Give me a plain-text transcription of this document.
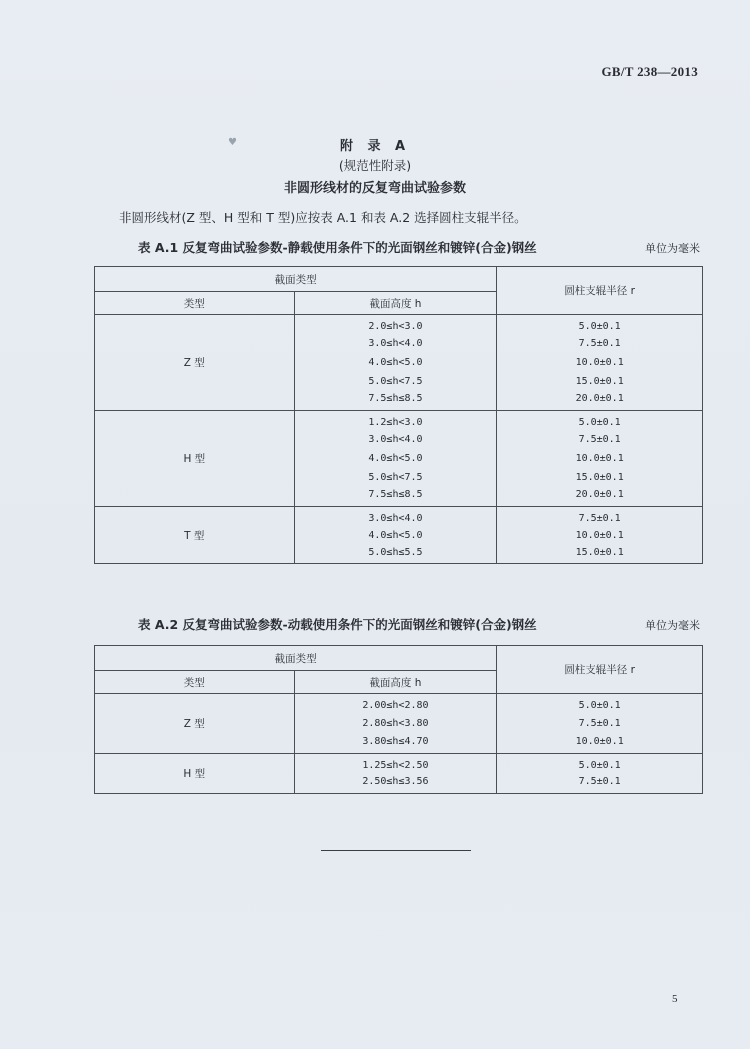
GB/T 238—2013
♥	附 录 A
(规范性附录)
非圆形线材的反复弯曲试验参数
非圆形线材(Z 型、H 型和 T 型)应按表 A.1 和表 A.2 选择圆柱支辊半径。
表 A.1 反复弯曲试验参数-静载使用条件下的光面钢丝和镀锌(合金)钢丝	单位为毫米
截面类型		圆柱支辊半径 r
类型	截面高度 h	
Z 型	2.0≤h<3.0	5.0±0.1
	3.0≤h<4.0	7.5±0.1
	4.0≤h<5.0	10.0±0.1
	5.0≤h<7.5	15.0±0.1
	7.5≤h≤8.5	20.0±0.1
H 型	1.2≤h<3.0	5.0±0.1
	3.0≤h<4.0	7.5±0.1
	4.0≤h<5.0	10.0±0.1
	5.0≤h<7.5	15.0±0.1
	7.5≤h≤8.5	20.0±0.1
T 型	3.0≤h<4.0	7.5±0.1
	4.0≤h<5.0	10.0±0.1
	5.0≤h≤5.5	15.0±0.1
表 A.2 反复弯曲试验参数-动载使用条件下的光面钢丝和镀锌(合金)钢丝	单位为毫米
截面类型		圆柱支辊半径 r
类型	截面高度 h	
Z 型	2.00≤h<2.80	5.0±0.1
	2.80≤h<3.80	7.5±0.1
	3.80≤h≤4.70	10.0±0.1
H 型	1.25≤h<2.50	5.0±0.1
	2.50≤h≤3.56	7.5±0.1
5
